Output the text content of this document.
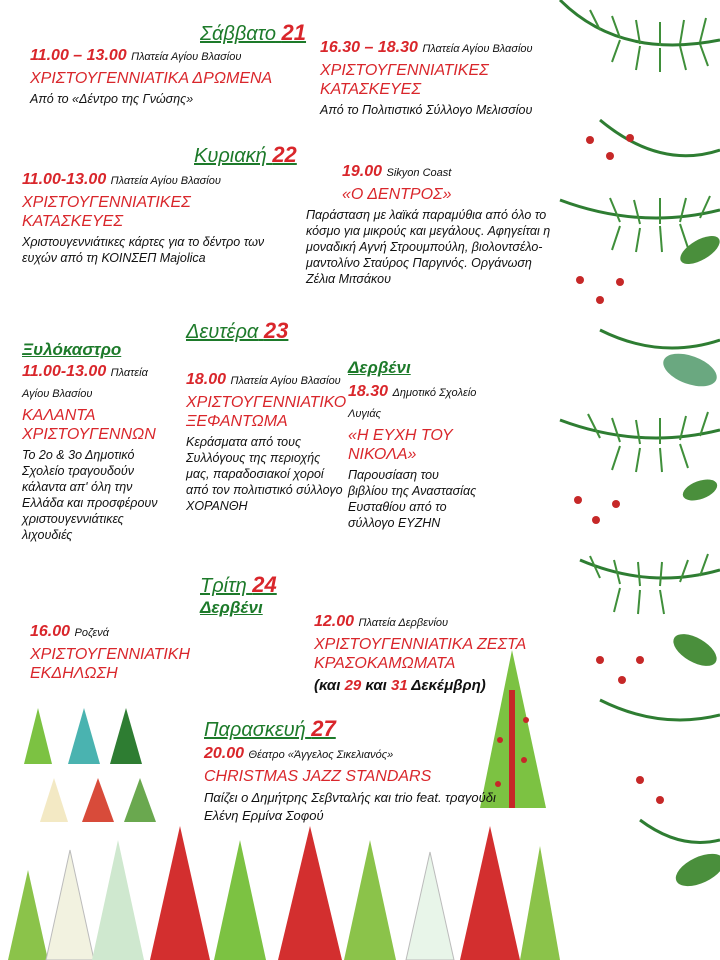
Σάββατο 21
11.00 – 13.00 Πλατεία Αγίου Βλασίου
ΧΡΙΣΤΟΥΓΕΝΝΙΑΤΙΚΑ ΔΡΩΜΕΝΑ
Από το «Δέντρο της Γνώσης»
16.30 – 18.30 Πλατεία Αγίου Βλασίου
ΧΡΙΣΤΟΥΓΕΝΝΙΑΤΙΚΕΣ ΚΑΤΑΣΚΕΥΕΣ
Από το Πολιτιστικό Σύλλογο Μελισσίου
Κυριακή 22
11.00-13.00 Πλατεία Αγίου Βλασίου
ΧΡΙΣΤΟΥΓΕΝΝΙΑΤΙΚΕΣ ΚΑΤΑΣΚΕΥΕΣ
Χριστουγεννιάτικες κάρτες για το δέντρο των ευχών από τη ΚΟΙΝΣΕΠ Majolica
19.00 Sikyon Coast
«Ο ΔΕΝΤΡΟΣ»
Παράσταση με λαϊκά παραμύθια από όλο το κόσμο για μικρούς και μεγάλους. Αφηγείται η μοναδική Αγνή Στρουμπούλη, βιολοντσέλο-μαντολίνο Σταύρος Παργινός. Οργάνωση Ζέλια Μιτσάκου
Δευτέρα 23
Ξυλόκαστρο
11.00-13.00 Πλατεία Αγίου Βλασίου
ΚΑΛΑΝΤΑ ΧΡΙΣΤΟΥΓΕΝΝΩΝ
Το 2ο & 3ο Δημοτικό Σχολείο τραγουδούν κάλαντα απ' όλη την Ελλάδα και προσφέρουν χριστουγεννιάτικες λιχουδιές
18.00 Πλατεία Αγίου Βλασίου
ΧΡΙΣΤΟΥΓΕΝΝΙΑΤΙΚΟ ΞΕΦΑΝΤΩΜΑ
Κεράσματα από τους Συλλόγους της περιοχής μας, παραδοσιακοί χοροί από τον πολιτιστικό σύλλογο ΧΟΡΑΝΘΗ
Δερβένι
18.30 Δημοτικό Σχολείο Λυγιάς
«Η ΕΥΧΗ ΤΟΥ ΝΙΚΟΛΑ»
Παρουσίαση του βιβλίου της Αναστασίας Ευσταθίου από το σύλλογο ΕΥΖΗΝ
Τρίτη 24
Δερβένι
16.00 Ροζενά
ΧΡΙΣΤΟΥΓΕΝΝΙΑΤΙΚΗ ΕΚΔΗΛΩΣΗ
12.00 Πλατεία Δερβενίου
ΧΡΙΣΤΟΥΓΕΝΝΙΑΤΙΚΑ ΖΕΣΤΑ ΚΡΑΣΟΚΑΜΩΜΑΤΑ
(και 29 και 31 Δεκέμβρη)
Παρασκευή 27
20.00 Θέατρο «Άγγελος Σικελιανός»
CHRISTMAS JAZZ STANDARS
Παίζει ο Δημήτρης Σεβνταλής και trio feat. τραγούδι Ελένη Ερμίνα Σοφού
